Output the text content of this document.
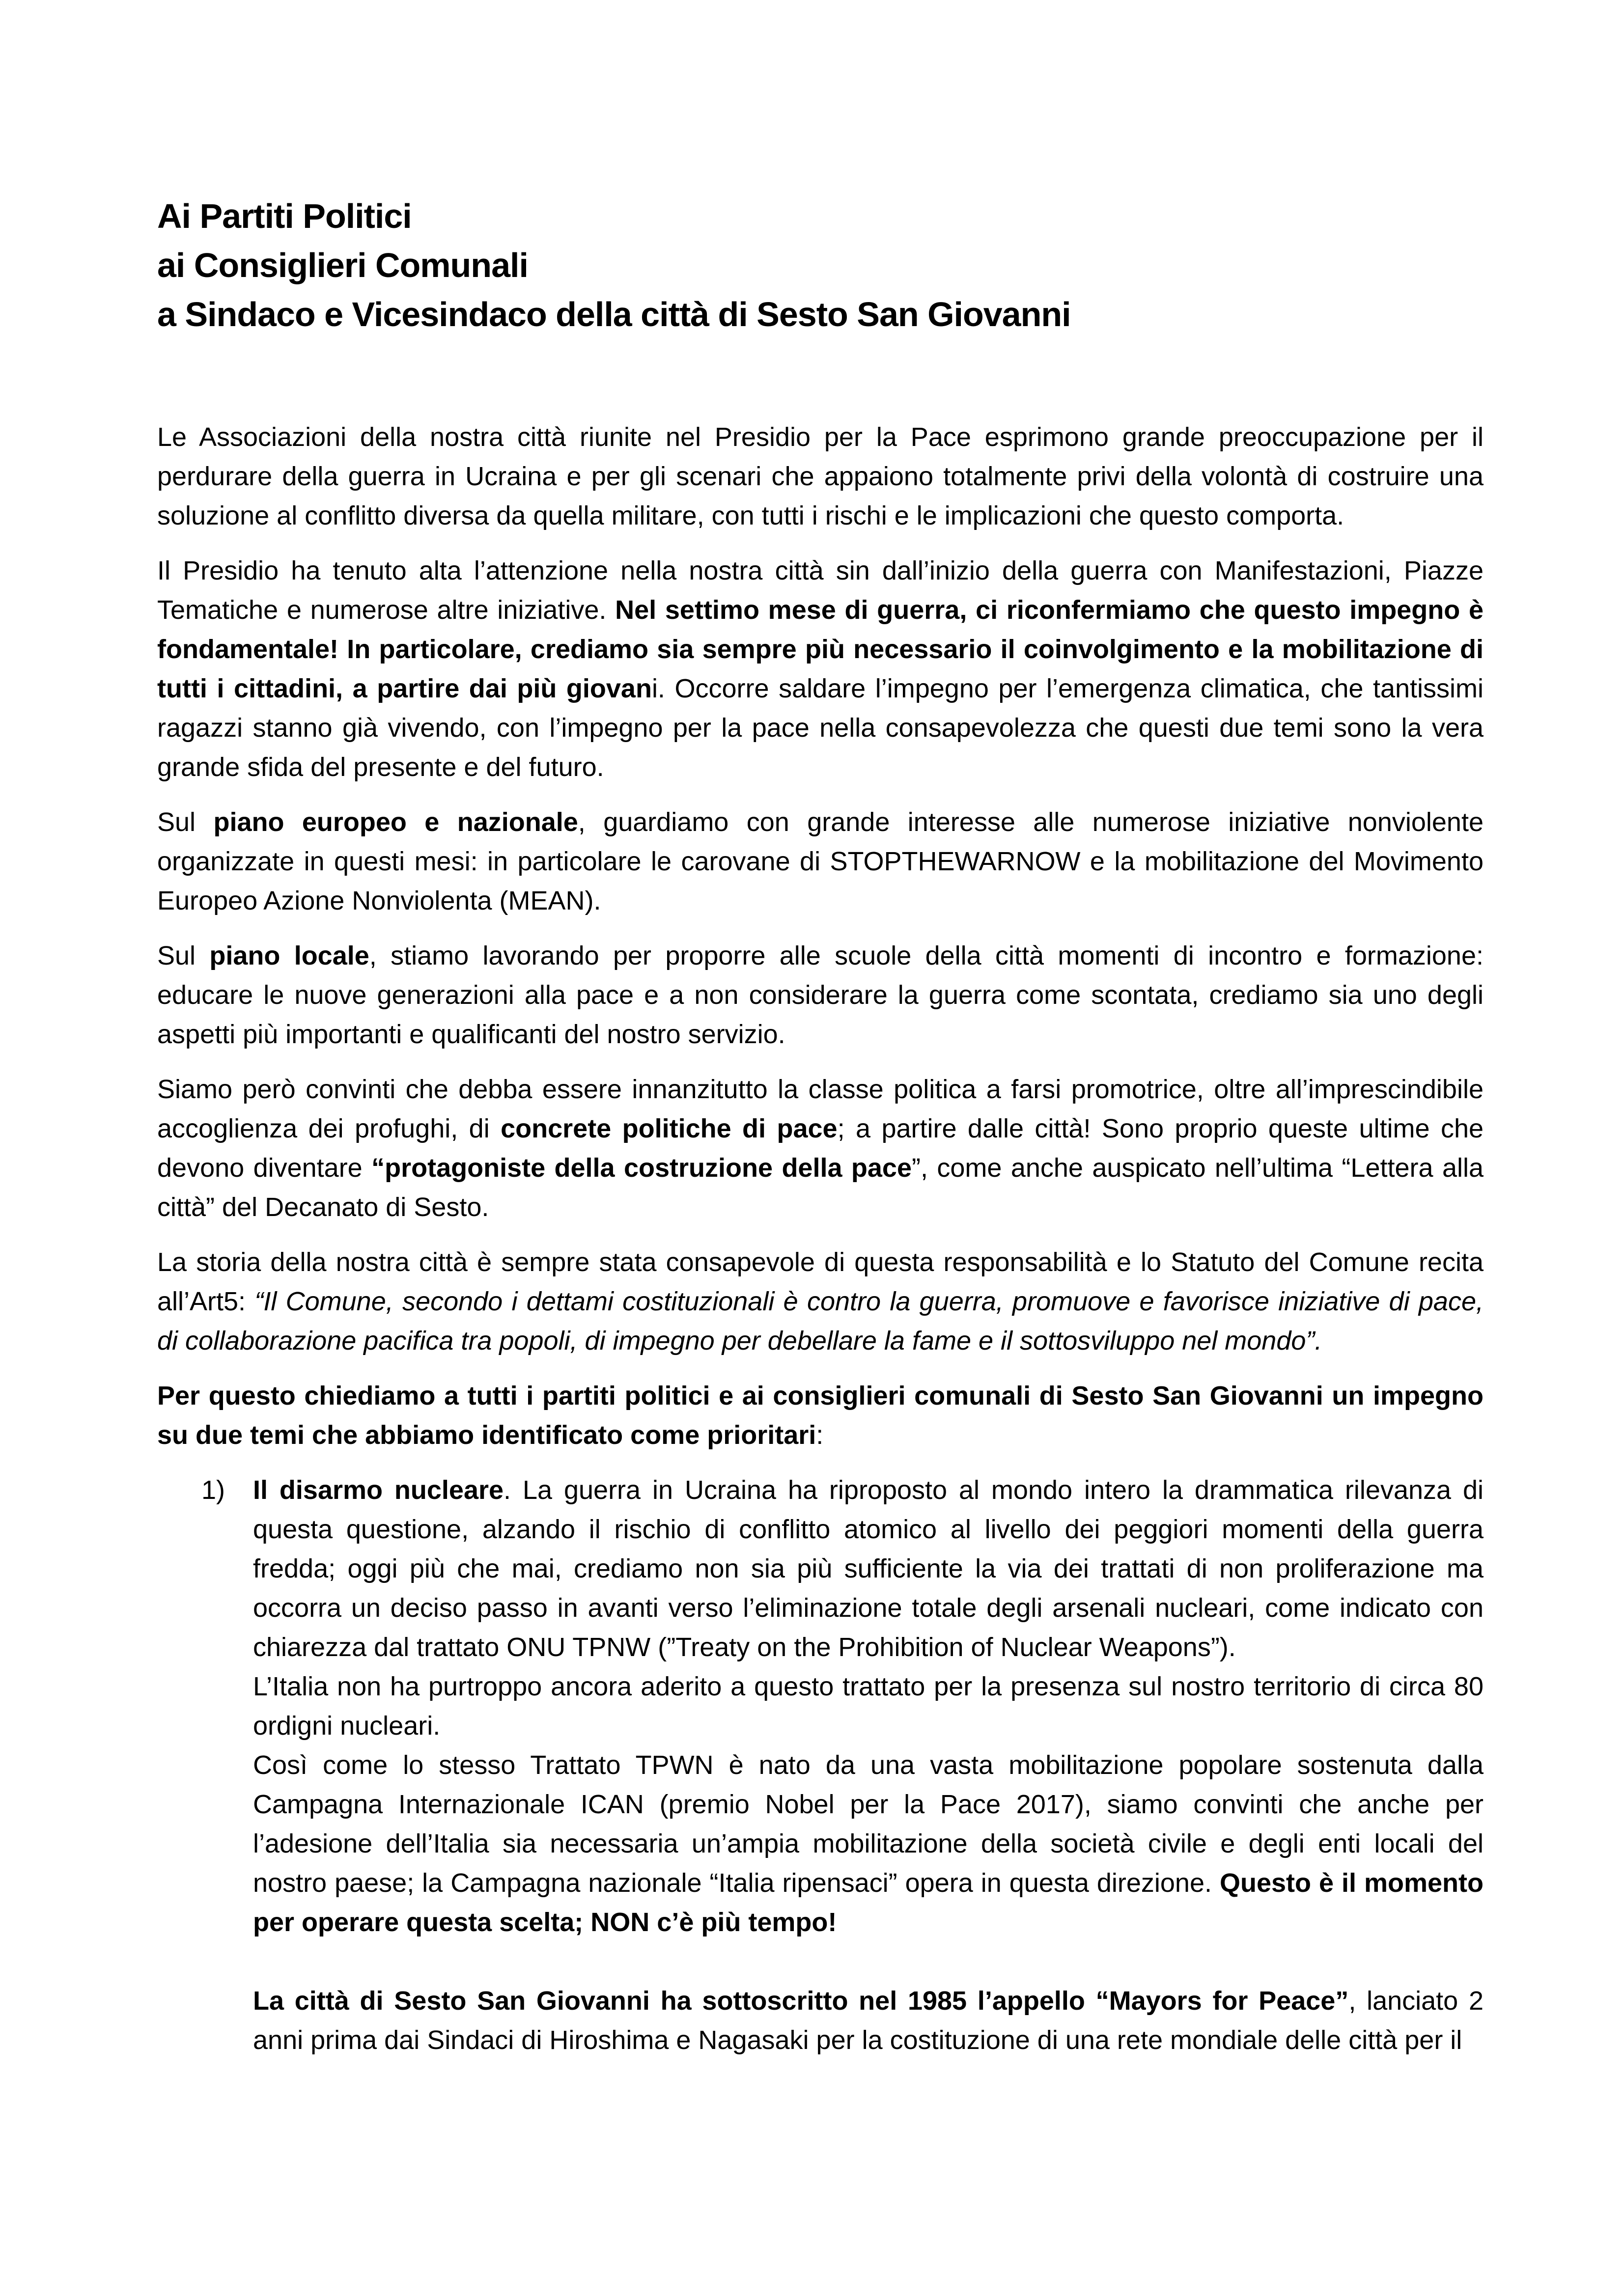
Ai Partiti Politici
ai Consiglieri Comunali
a Sindaco e Vicesindaco della città di Sesto San Giovanni

Le Associazioni della nostra città riunite nel Presidio per la Pace esprimono grande preoccupazione per il perdurare della guerra in Ucraina e per gli scenari che appaiono totalmente privi della volontà di costruire una soluzione al conflitto diversa da quella militare, con tutti i rischi e le implicazioni che questo comporta.

Il Presidio ha tenuto alta l’attenzione nella nostra città sin dall’inizio della guerra con Manifestazioni, Piazze Tematiche e numerose altre iniziative. Nel settimo mese di guerra, ci riconfermiamo che questo impegno è fondamentale! In particolare, crediamo sia sempre più necessario il coinvolgimento e la mobilitazione di tutti i cittadini, a partire dai più giovani. Occorre saldare l’impegno per l’emergenza climatica, che tantissimi ragazzi stanno già vivendo, con l’impegno per la pace nella consapevolezza che questi due temi sono la vera grande sfida del presente e del futuro.

Sul piano europeo e nazionale, guardiamo con grande interesse alle numerose iniziative nonviolente organizzate in questi mesi: in particolare le carovane di STOPTHEWARNOW e la mobilitazione del Movimento Europeo Azione Nonviolenta (MEAN).

Sul piano locale, stiamo lavorando per proporre alle scuole della città momenti di incontro e formazione: educare le nuove generazioni alla pace e a non considerare la guerra come scontata, crediamo sia uno degli aspetti più importanti e qualificanti del nostro servizio.

Siamo però convinti che debba essere innanzitutto la classe politica a farsi promotrice, oltre all’imprescindibile accoglienza dei profughi, di concrete politiche di pace; a partire dalle città! Sono proprio queste ultime che devono diventare “protagoniste della costruzione della pace”, come anche auspicato nell’ultima “Lettera alla città” del Decanato di Sesto.

La storia della nostra città è sempre stata consapevole di questa responsabilità e lo Statuto del Comune recita all’Art5: “Il Comune, secondo i dettami costituzionali è contro la guerra, promuove e favorisce iniziative di pace, di collaborazione pacifica tra popoli, di impegno per debellare la fame e il sottosviluppo nel mondo”.

Per questo chiediamo a tutti i partiti politici e ai consiglieri comunali di Sesto San Giovanni un impegno su due temi che abbiamo identificato come prioritari:

1) Il disarmo nucleare. La guerra in Ucraina ha riproposto al mondo intero la drammatica rilevanza di questa questione, alzando il rischio di conflitto atomico al livello dei peggiori momenti della guerra fredda; oggi più che mai, crediamo non sia più sufficiente la via dei trattati di non proliferazione ma occorra un deciso passo in avanti verso l’eliminazione totale degli arsenali nucleari, come indicato con chiarezza dal trattato ONU TPNW (”Treaty on the Prohibition of Nuclear Weapons”).

L’Italia non ha purtroppo ancora aderito a questo trattato per la presenza sul nostro territorio di circa 80 ordigni nucleari.

Così come lo stesso Trattato TPWN è nato da una vasta mobilitazione popolare sostenuta dalla Campagna Internazionale ICAN (premio Nobel per la Pace 2017), siamo convinti che anche per l’adesione dell’Italia sia necessaria un’ampia mobilitazione della società civile e degli enti locali del nostro paese; la Campagna nazionale “Italia ripensaci” opera in questa direzione. Questo è il momento per operare questa scelta; NON c’è più tempo!

La città di Sesto San Giovanni ha sottoscritto nel 1985 l’appello “Mayors for Peace”, lanciato 2 anni prima dai Sindaci di Hiroshima e Nagasaki per la costituzione di una rete mondiale delle città per il
